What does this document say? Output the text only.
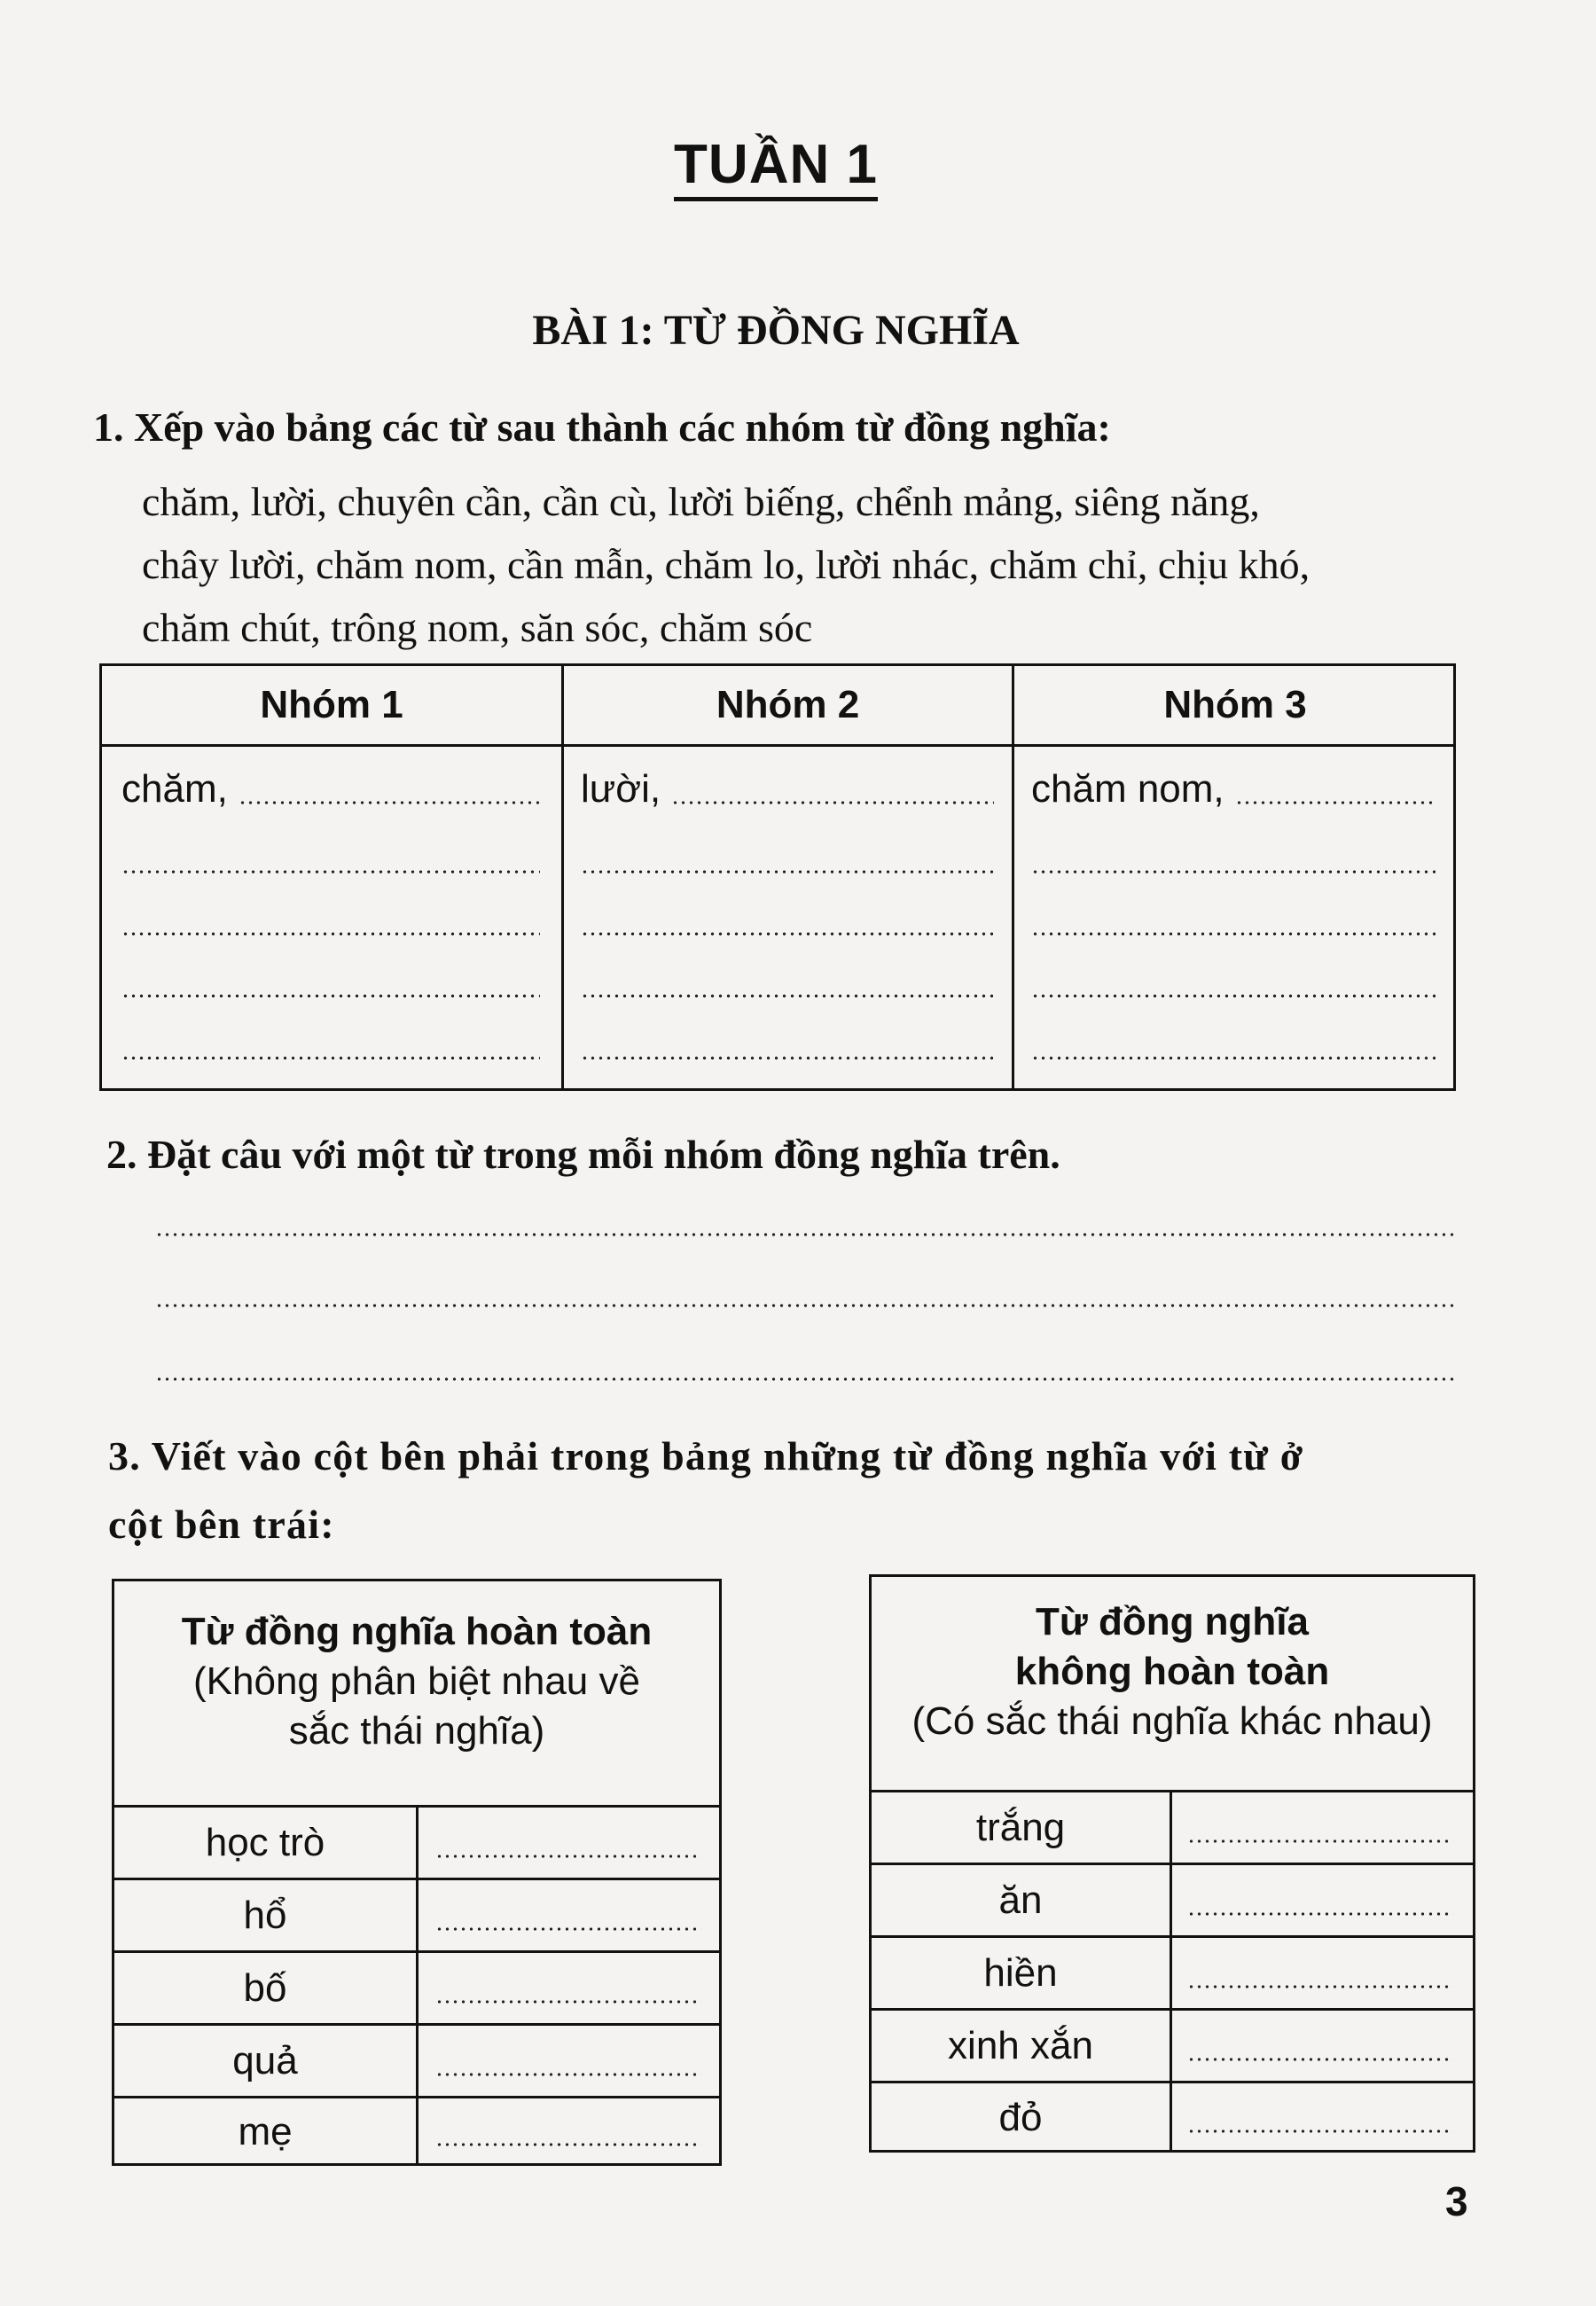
TUẦN 1
BÀI 1: TỪ ĐỒNG NGHĨA
1. Xếp vào bảng các từ sau thành các nhóm từ đồng nghĩa:
chăm, lười, chuyên cần, cần cù, lười biếng, chểnh mảng, siêng năng,
chây lười, chăm nom, cần mẫn, chăm lo, lười nhác, chăm chỉ, chịu khó,
chăm chút, trông nom, săn sóc, chăm sóc
Nhóm 1	Nhóm 2	Nhóm 3
chăm,	lười,	chăm nom,
2. Đặt câu với một từ trong mỗi nhóm đồng nghĩa trên.
3. Viết vào cột bên phải trong bảng những từ đồng nghĩa với từ ở
cột bên trái:
Từ đồng nghĩa hoàn toàn
(Không phân biệt nhau về
sắc thái nghĩa)
học trò
hổ
bố
quả
mẹ
Từ đồng nghĩa
không hoàn toàn
(Có sắc thái nghĩa khác nhau)
trắng
ăn
hiền
xinh xắn
đỏ
3
